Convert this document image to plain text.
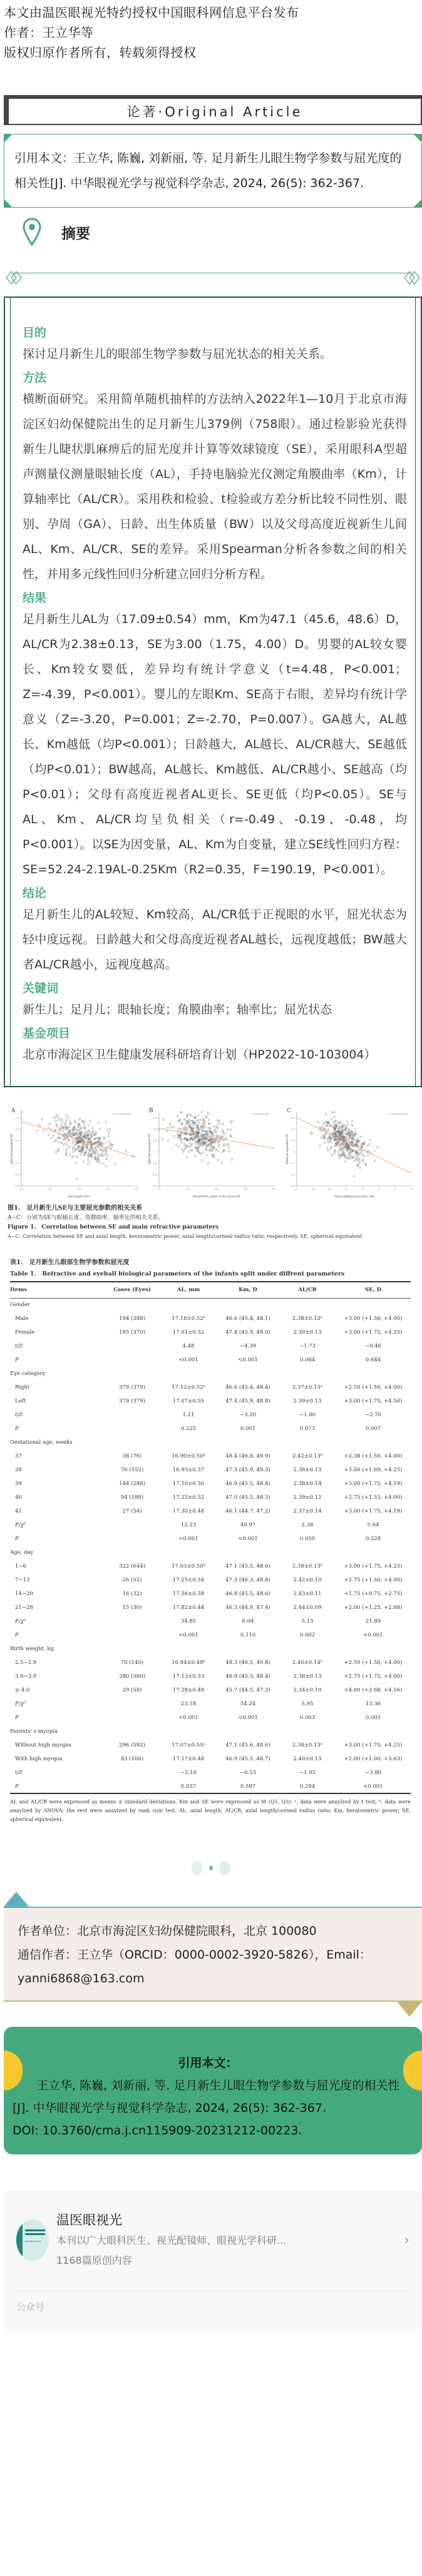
本文由温医眼视光特约授权中国眼科网信息平台发布

作者：王立华等

版权归原作者所有，转载须得授权

论著·Original Article

引用本文：王立华, 陈巍, 刘新丽, 等. 足月新生儿眼生物学参数与屈光度的相关性[J]. 中华眼视光学与视觉科学杂志, 2024, 26(5): 362-367.

摘要
目的

探讨足月新生儿的眼部生物学参数与屈光状态的相关关系。

方法

横断面研究。采用简单随机抽样的方法纳入2022年1—10月于北京市海淀区妇幼保健院出生的足月新生儿379例（758眼）。通过检影验光获得新生儿睫状肌麻痹后的屈光度并计算等效球镜度（SE），采用眼科A型超声测量仪测量眼轴长度（AL），手持电脑验光仪测定角膜曲率（Km），计算轴率比（AL/CR）。采用秩和检验、t检验或方差分析比较不同性别、眼别、孕周（GA）、日龄、出生体质量（BW）以及父母高度近视新生儿间AL、Km、AL/CR、SE的差异。采用Spearman分析各参数之间的相关性，并用多元线性回归分析建立回归分析方程。

结果

足月新生儿AL为（17.09±0.54）mm，Km为47.1（45.6，48.6）D，AL/CR为2.38±0.13，SE为3.00（1.75，4.00）D。男婴的AL较女婴长、Km较女婴低，差异均有统计学意义（t=4.48，P<0.001；Z=-4.39，P<0.001）。婴儿的左眼Km、SE高于右眼，差异均有统计学意义（Z=-3.20，P=0.001；Z=-2.70，P=0.007）。GA越大，AL越长、Km越低（均P<0.001）；日龄越大，AL越长、AL/CR越大、SE越低（均P<0.01）；BW越高，AL越长、Km越低、AL/CR越小、SE越高（均P<0.01）；父母有高度近视者AL更长、SE更低（均P<0.05）。SE与AL、Km、AL/CR均呈负相关（r=-0.49、-0.19、-0.48，均P<0.001）。以SE为因变量，AL、Km为自变量，建立SE线性回归方程：SE=52.24-2.19AL-0.25Km（R2=0.35，F=190.19，P<0.001）。

结论

足月新生儿的AL较短、Km较高，AL/CR低于正视眼的水平，屈光状态为轻中度远视。日龄越大和父母高度近视者AL越长，远视度越低；BW越大者AL/CR越小，远视度越高。

关键词

新生儿；足月儿；眼轴长度；角膜曲率；轴率比；屈光状态

基金项目

北京市海淀区卫生健康发展科研培育计划（HP2022-10-103004）

A	r=-0.49 P<0.001
-6.00
-4.00
-2.00
0
2.00
4.00
6.00
15.0	16.0	17.0	18.0	19.0
Axial length (mm)
Spherical equivalent (D)
B	r=-0.19 P<0.001
-6.00
-4.00
-2.00
0
2.00
4.00
6.00
40.0	45.0	50.0	55.0	60.0
Keratometric power of the cornea (D)
Spherical equivalent (D)
C	r=-0.48 P<0.001
-6.00
-4.00
-2.00
0
2.00
4.00
6.00
1.8	2.0	2.2	2.4	2.6	2.8	3.0	3.2
Axial length/corneal radius ratio
Spherical equivalent (D)
图1.　足月新生儿SE与主要屈光参数的相关关系
A−C：分别为SE与眼轴长度、角膜曲率、轴率比的相关关系。
Figure 1.　Correlation between SE and main refractive parameters
A−C: Correlation between SE and axial length, keratometric power, axial length/corneal radius ratio, respectively. SE, spherical equivalent.
表1.　足月新生儿眼部生物学参数和屈光度
Table 1.　Refractive and eyeball biological parameters of the infants split under diffrent parameters
Items	Cases (Eyes)	AL, mm	Km, D	AL/CR	SE, D
Gender					
Male	194 (388)	17.18±0.52ᵃ	46.6 (45.4, 48.1)	2.38±0.12ᵃ	+3.00 (+1.56, +4.00)
Female	185 (370)	17.01±0.52	47.4 (45.9, 49.0)	2.39±0.13	+3.00 (+1.75, +4.25)
t/Z		4.48	−4.39	−1.73	−0.46
P		<0.001	<0.001	0.084	0.644
Eye category					
Right	379 (379)	17.12±0.52ᵃ	46.6 (45.4, 48.4)	2.37±0.13ᵃ	+2.50 (+1.50, +4.00)
Left	379 (379)	17.07±0.55	47.4 (45.9, 48.8)	2.39±0.13	+3.00 (+1.75, +4.50)
t/Z		1.21	−3.20	−1.80	−2.70
P		0.225	0.001	0.073	0.007
Gestational age, weeks					
37	38 (76)	16.90±0.50ᵇ	48.4 (46.8, 49.9)	2.42±0.13ᵇ	+2.38 (+1.50, +4.00)
38	76 (152)	16.93±0.57	47.3 (45.9, 49.3)	2.38±0.13	+3.00 (+1.69, +4.25)
39	144 (288)	17.10±0.50	46.9 (45.5, 48.4)	2.38±0.14	+3.00 (+1.75, +4.19)
40	94 (188)	17.22±0.52	47.0 (45.5, 48.3)	2.39±0.12	+2.75 (+1.53, +4.00)
41	27 (54)	17.30±0.48	46.1 (44.7, 47.2)	2.37±0.14	+3.00 (+1.75, +4.19)
F/χ²		12.23	40.97	2.38	5.64
P		<0.001	<0.001	0.050	0.228
Age, day					
1−6	322 (644)	17.03±0.50ᵇ	47.1 (45.5, 48.6)	2.38±0.13ᵇ	+3.00 (+1.75, +4.25)
7−13	26 (52)	17.25±0.54	47.3 (46.3, 48.8)	2.42±0.10	+2.75 (+1.50, +4.00)
14−20	16 (32)	17.56±0.58	46.8 (45.5, 48.6)	2.43±0.11	+1.75 (+0.75, +2.75)
21−28	15 (30)	17.82±0.44	46.3 (44.9, 47.4)	2.44±0.09	+2.00 (+1.25, +2.88)
F/χ²		34.85	6.04	5.13	21.89
P		<0.001	0.110	0.002	<0.001
Birth weight, kg					
2.5−2.9	70 (140)	16.84±0.48ᵇ	48.3 (46.5, 49.8)	2.40±0.14ᵇ	+2.50 (+1.50, +4.00)
3.0−3.9	280 (560)	17.13±0.53	46.9 (45.5, 48.4)	2.38±0.13	+2.75 (+1.75, +4.00)
≥ 4.0	29 (58)	17.28±0.49	45.7 (44.5, 47.3)	2.34±0.10	+4.00 (+2.68, +4.56)
F/χ²		23.18	54.24	5.95	13.36
P		<0.001	<0.001	0.003	0.001
Parents' s myopia					
Without high myopia	296 (592)	17.07±0.55ᵃ	47.1 (45.6, 48.6)	2.38±0.13ᵃ	+3.00 (+1.75, +4.25)
With high myopia	83 (166)	17.17±0.48	46.9 (45.5, 48.7)	2.40±0.13	+2.00 (+1.00, +3.63)
t/Z		−2.10	−0.53	−1.05	−3.80
P		0.037	0.597	0.294	<0.001
AL and AL/CR were expressed as means ± standard deviations, Km and SE were expressed as M (Q1, Q3). ᵃ, data were anaylzed by t test; ᵇ, data were anaylzed by ANOVA; the rest were anaylzed by rank sum test. AL, axial length; AL/CR, axial length/corneal radius ratio; Km, keratometric power; SE, spherical equivalent.

作者单位：北京市海淀区妇幼保健院眼科，北京 100080

通信作者：王立华（ORCID：0000-0002-3920-5826），Email：yanni6868@163.com

引用本文：

王立华, 陈巍, 刘新丽, 等. 足月新生儿眼生物学参数与屈光度的相关性[J]. 中华眼视光学与视觉科学杂志, 2024, 26(5): 362-367.

DOI: 10.3760/cma.j.cn115909-20231212-00223.

温医眼视光
本刊以广大眼科医生、视光配镜师、眼视光学科研...
1168篇原创内容
›
公众号
